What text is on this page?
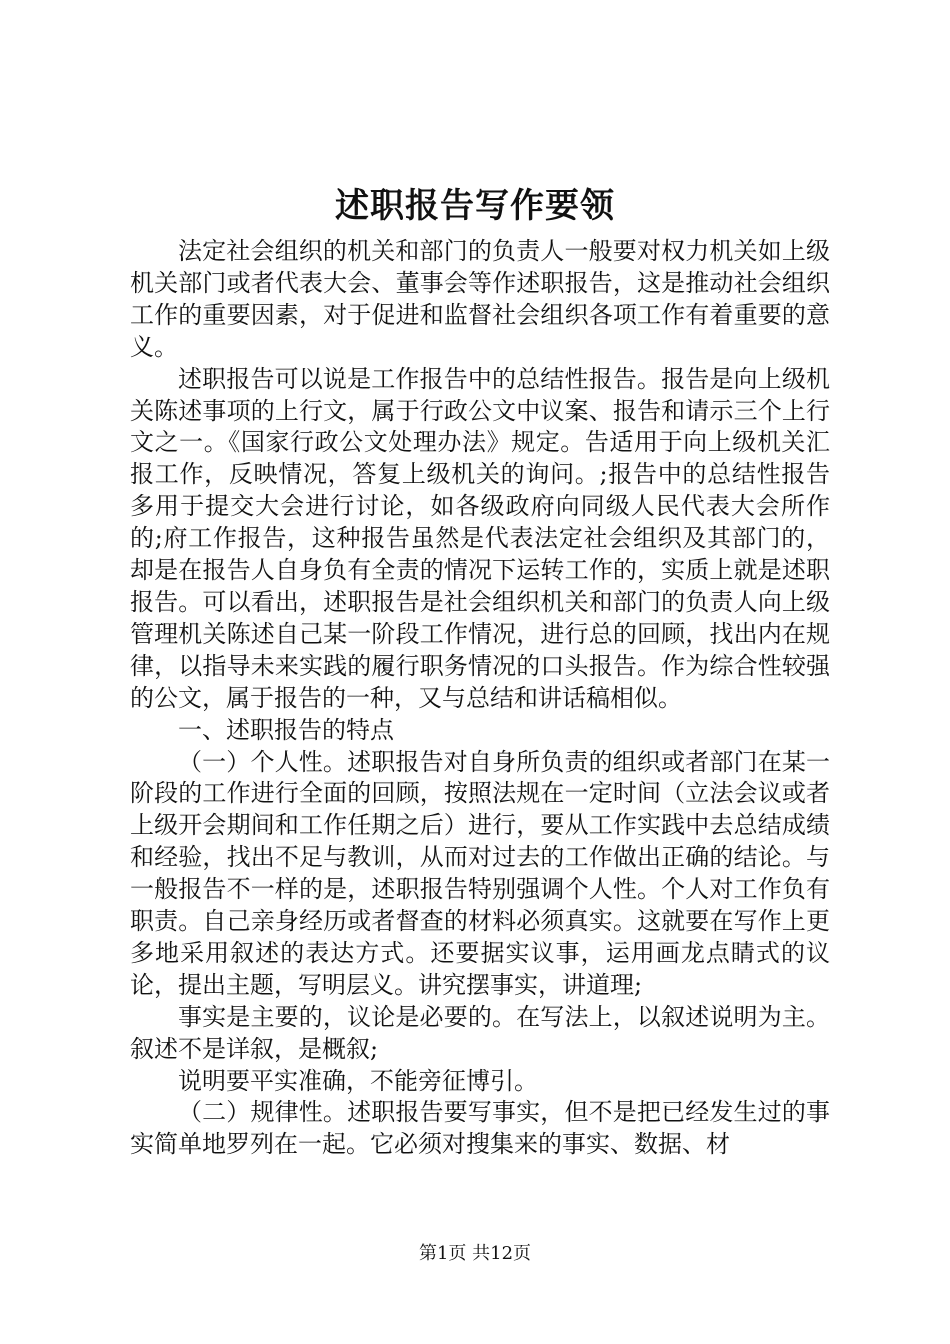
述职报告写作要领

法定社会组织的机关和部门的负责人一般要对权力机关如上级机关部门或者代表大会、董事会等作述职报告，这是推动社会组织工作的重要因素，对于促进和监督社会组织各项工作有着重要的意义。

述职报告可以说是工作报告中的总结性报告。报告是向上级机关陈述事项的上行文，属于行政公文中议案、报告和请示三个上行文之一。《国家行政公文处理办法》规定。告适用于向上级机关汇报工作，反映情况，答复上级机关的询问。;报告中的总结性报告多用于提交大会进行讨论，如各级政府向同级人民代表大会所作的;府工作报告，这种报告虽然是代表法定社会组织及其部门的，却是在报告人自身负有全责的情况下运转工作的，实质上就是述职报告。可以看出，述职报告是社会组织机关和部门的负责人向上级管理机关陈述自己某一阶段工作情况，进行总的回顾，找出内在规律，以指导未来实践的履行职务情况的口头报告。作为综合性较强的公文，属于报告的一种，又与总结和讲话稿相似。

一、述职报告的特点

（一）个人性。述职报告对自身所负责的组织或者部门在某一阶段的工作进行全面的回顾，按照法规在一定时间（立法会议或者上级开会期间和工作任期之后）进行，要从工作实践中去总结成绩和经验，找出不足与教训，从而对过去的工作做出正确的结论。与一般报告不一样的是，述职报告特别强调个人性。个人对工作负有职责。自己亲身经历或者督查的材料必须真实。这就要在写作上更多地采用叙述的表达方式。还要据实议事，运用画龙点睛式的议论，提出主题，写明层义。讲究摆事实，讲道理;

事实是主要的，议论是必要的。在写法上，以叙述说明为主。叙述不是详叙，是概叙;

说明要平实准确，不能旁征博引。

（二）规律性。述职报告要写事实，但不是把已经发生过的事实简单地罗列在一起。它必须对搜集来的事实、数据、材

第1页 共12页
